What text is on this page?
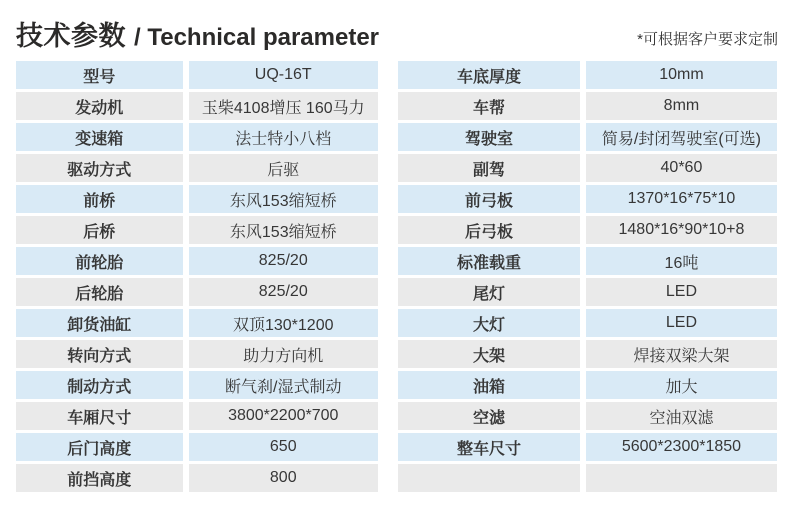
技术参数 / Technical parameter	*可根据客户要求定制
型号	UQ-16T
发动机	玉柴4108增压 160马力
变速箱	法士特小八档
驱动方式	后驱
前桥	东风153缩短桥
后桥	东风153缩短桥
前轮胎	825/20
后轮胎	825/20
卸货油缸	双顶130*1200
转向方式	助力方向机
制动方式	断气刹/湿式制动
车厢尺寸	3800*2200*700
后门高度	650
前挡高度	800
车底厚度	10mm
车帮	8mm
驾驶室	简易/封闭驾驶室(可选)
副驾	40*60
前弓板	1370*16*75*10
后弓板	1480*16*90*10+8
标准载重	16吨
尾灯	LED
大灯	LED
大架	焊接双梁大架
油箱	加大
空滤	空油双滤
整车尺寸	5600*2300*1850
